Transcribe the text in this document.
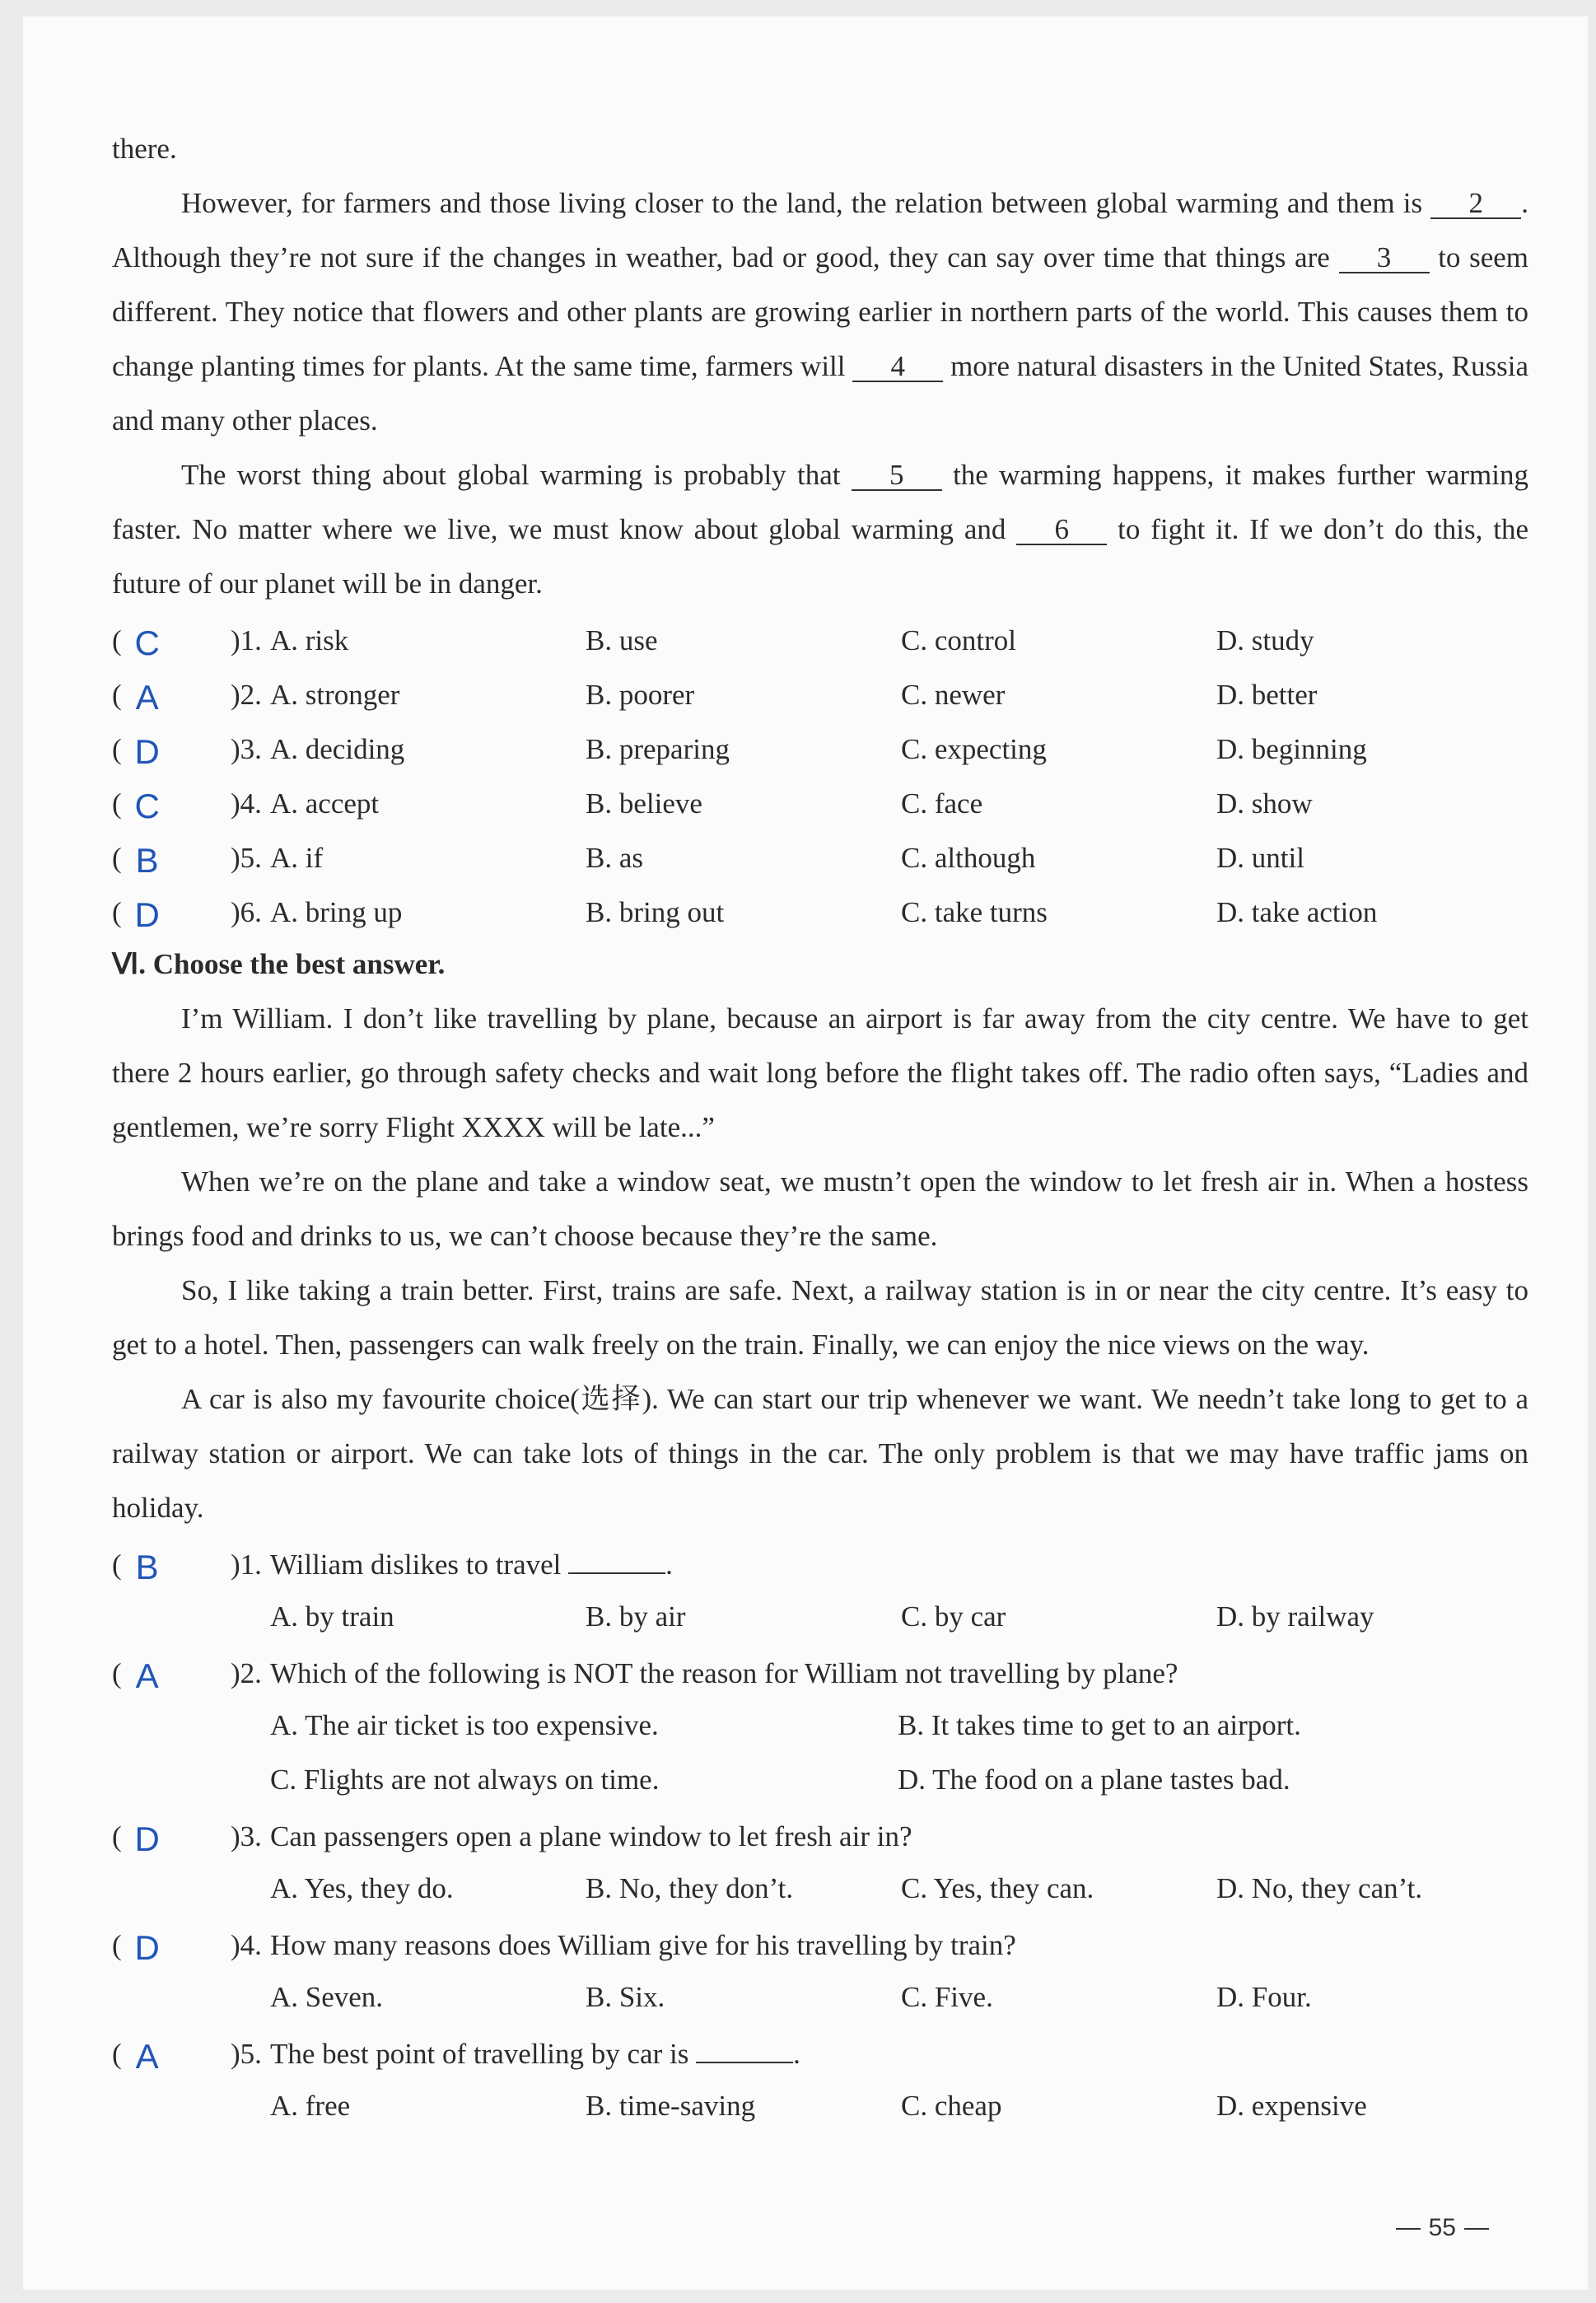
there.

However, for farmers and those living closer to the land, the relation between global warming and them is 2 . Although they’re not sure if the changes in weather, bad or good, they can say over time that things are 3 to seem different. They notice that flowers and other plants are growing earlier in northern parts of the world. This causes them to change planting times for plants. At the same time, farmers will 4 more natural disasters in the United States, Russia and many other places.

The worst thing about global warming is probably that 5 the warming happens, it makes further warming faster. No matter where we live, we must know about global warming and 6 to fight it. If we don’t do this, the future of our planet will be in danger.

( C	)1. A. risk	B. use	C. control	D. study
( A	)2. A. stronger	B. poorer	C. newer	D. better
( D	)3. A. deciding	B. preparing	C. expecting	D. beginning
( C	)4. A. accept	B. believe	C. face	D. show
( B	)5. A. if	B. as	C. although	D. until
( D	)6. A. bring up	B. bring out	C. take turns	D. take action

Ⅵ. Choose the best answer.

I’m William. I don’t like travelling by plane, because an airport is far away from the city centre. We have to get there 2 hours earlier, go through safety checks and wait long before the flight takes off. The radio often says, “Ladies and gentlemen, we’re sorry Flight XXXX will be late...”

When we’re on the plane and take a window seat, we mustn’t open the window to let fresh air in. When a hostess brings food and drinks to us, we can’t choose because they’re the same.

So, I like taking a train better. First, trains are safe. Next, a railway station is in or near the city centre. It’s easy to get to a hotel. Then, passengers can walk freely on the train. Finally, we can enjoy the nice views on the way.

A car is also my favourite choice(选择). We can start our trip whenever we want. We needn’t take long to get to a railway station or airport. We can take lots of things in the car. The only problem is that we may have traffic jams on holiday.

( B	)1. William dislikes to travel	.
A. by train	B. by air	C. by car	D. by railway
( A	)2. Which of the following is NOT the reason for William not travelling by plane?
A. The air ticket is too expensive.	B. It takes time to get to an airport.
C. Flights are not always on time.	D. The food on a plane tastes bad.
( D	)3. Can passengers open a plane window to let fresh air in?
A. Yes, they do.	B. No, they don’t.	C. Yes, they can.	D. No, they can’t.
( D	)4. How many reasons does William give for his travelling by train?
A. Seven.	B. Six.	C. Five.	D. Four.
( A	)5. The best point of travelling by car is	.
A. free	B. time-saving	C. cheap	D. expensive
55
